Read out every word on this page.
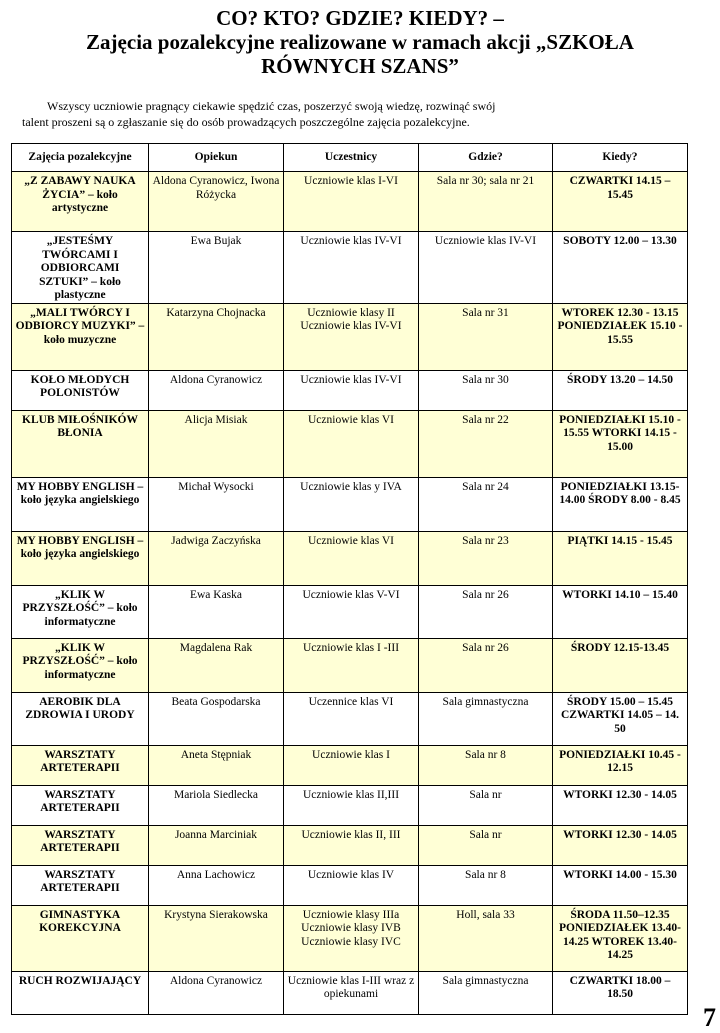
CO? KTO? GDZIE? KIEDY? –
Zajęcia pozalekcyjne realizowane w ramach akcji „SZKOŁA
RÓWNYCH SZANS”
Wszyscy uczniowie pragnący ciekawie spędzić czas, poszerzyć swoją wiedzę, rozwinąć swój
talent proszeni są o zgłaszanie się do osób prowadzących poszczególne zajęcia pozalekcyjne.
Zajęcia pozalekcyjne	Opiekun	Uczestnicy	Gdzie?	Kiedy?
„Z ZABAWY NAUKA ŻYCIA” – koło artystyczne	Aldona Cyranowicz, Iwona Różycka	Uczniowie klas I-VI	Sala nr 30; sala nr 21	CZWARTKI 14.15 – 15.45
„JESTEŚMY TWÓRCAMI I ODBIORCAMI SZTUKI” – koło plastyczne	Ewa Bujak	Uczniowie klas IV-VI	Uczniowie klas IV-VI	SOBOTY 12.00 – 13.30
„MALI TWÓRCY I ODBIORCY MUZYKI” – koło muzyczne	Katarzyna Chojnacka	Uczniowie klasy II Uczniowie klas IV-VI	Sala nr 31	WTOREK 12.30 - 13.15 PONIEDZIAŁEK 15.10 - 15.55
KOŁO MŁODYCH POLONISTÓW	Aldona Cyranowicz	Uczniowie klas IV-VI	Sala nr 30	ŚRODY 13.20 – 14.50
KLUB MIŁOŚNIKÓW BŁONIA	Alicja Misiak	Uczniowie klas VI	Sala nr 22	PONIEDZIAŁKI 15.10 - 15.55 WTORKI 14.15 - 15.00
MY HOBBY ENGLISH – koło języka angielskiego	Michał Wysocki	Uczniowie klas y IVA	Sala nr 24	PONIEDZIAŁKI 13.15-14.00 ŚRODY 8.00 - 8.45
MY HOBBY ENGLISH – koło języka angielskiego	Jadwiga Zaczyńska	Uczniowie klas VI	Sala nr 23	PIĄTKI 14.15 - 15.45
„KLIK W PRZYSZŁOŚĆ” – koło informatyczne	Ewa Kaska	Uczniowie klas V-VI	Sala nr 26	WTORKI 14.10 – 15.40
„KLIK W PRZYSZŁOŚĆ” – koło informatyczne	Magdalena Rak	Uczniowie klas I -III	Sala nr 26	ŚRODY 12.15-13.45
AEROBIK DLA ZDROWIA I URODY	Beata Gospodarska	Uczennice klas VI	Sala gimnastyczna	ŚRODY 15.00 – 15.45 CZWARTKI 14.05 – 14. 50
WARSZTATY ARTETERAPII	Aneta Stępniak	Uczniowie klas I	Sala nr 8	PONIEDZIAŁKI 10.45 - 12.15
WARSZTATY ARTETERAPII	Mariola Siedlecka	Uczniowie klas II,III	Sala nr	WTORKI 12.30 - 14.05
WARSZTATY ARTETERAPII	Joanna Marciniak	Uczniowie klas II, III	Sala nr	WTORKI 12.30 - 14.05
WARSZTATY ARTETERAPII	Anna Lachowicz	Uczniowie klas IV	Sala nr 8	WTORKI 14.00 - 15.30
GIMNASTYKA KOREKCYJNA	Krystyna Sierakowska	Uczniowie klasy IIIa Uczniowie klasy IVB Uczniowie klasy IVC	Holl, sala 33	ŚRODA 11.50–12.35 PONIEDZIAŁEK 13.40-14.25 WTOREK 13.40-14.25
RUCH ROZWIJAJĄCY	Aldona Cyranowicz	Uczniowie klas I-III wraz z opiekunami	Sala gimnastyczna	CZWARTKI 18.00 – 18.50
7
